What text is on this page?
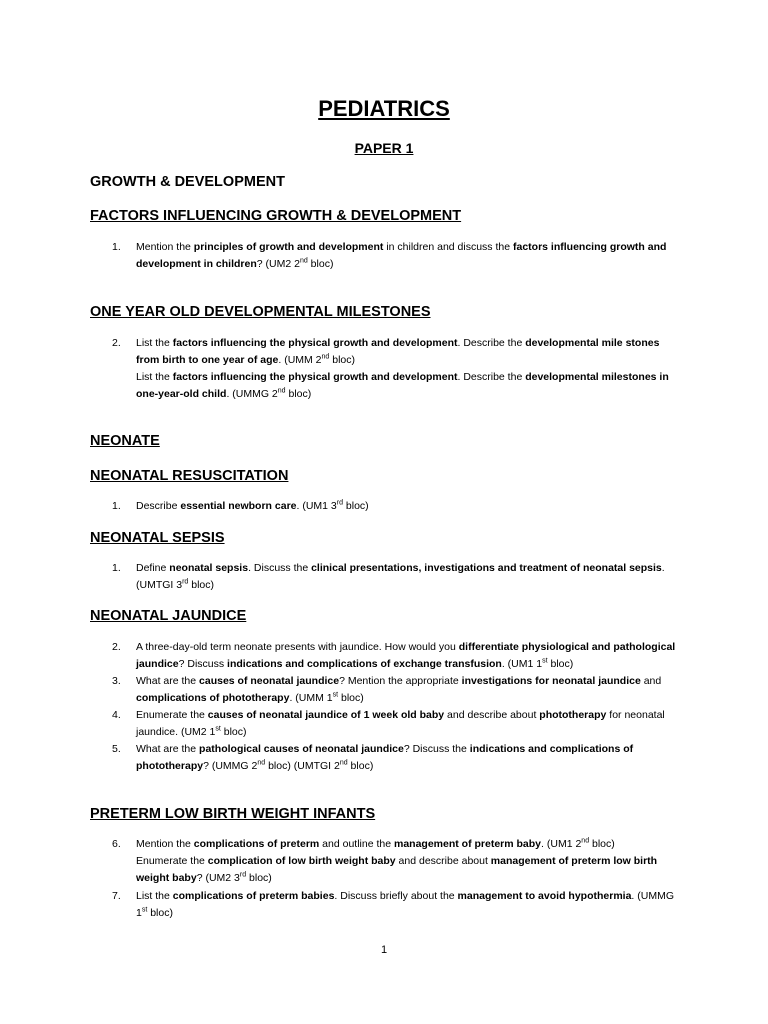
PEDIATRICS
PAPER 1
GROWTH & DEVELOPMENT
FACTORS INFLUENCING GROWTH & DEVELOPMENT
1. Mention the principles of growth and development in children and discuss the factors influencing growth and development in children? (UM2 2nd bloc)
ONE YEAR OLD DEVELOPMENTAL MILESTONES
2. List the factors influencing the physical growth and development. Describe the developmental mile stones from birth to one year of age. (UMM 2nd bloc)
List the factors influencing the physical growth and development. Describe the developmental milestones in one-year-old child. (UMMG 2nd bloc)
NEONATE
NEONATAL RESUSCITATION
1. Describe essential newborn care. (UM1 3rd bloc)
NEONATAL SEPSIS
1. Define neonatal sepsis. Discuss the clinical presentations, investigations and treatment of neonatal sepsis. (UMTGI 3rd bloc)
NEONATAL JAUNDICE
2. A three-day-old term neonate presents with jaundice. How would you differentiate physiological and pathological jaundice? Discuss indications and complications of exchange transfusion. (UM1 1st bloc)
3. What are the causes of neonatal jaundice? Mention the appropriate investigations for neonatal jaundice and complications of phototherapy. (UMM 1st bloc)
4. Enumerate the causes of neonatal jaundice of 1 week old baby and describe about phototherapy for neonatal jaundice. (UM2 1st bloc)
5. What are the pathological causes of neonatal jaundice? Discuss the indications and complications of phototherapy? (UMMG 2nd bloc) (UMTGI 2nd bloc)
PRETERM LOW BIRTH WEIGHT INFANTS
6. Mention the complications of preterm and outline the management of preterm baby. (UM1 2nd bloc)
Enumerate the complication of low birth weight baby and describe about management of preterm low birth weight baby? (UM2 3rd bloc)
7. List the complications of preterm babies. Discuss briefly about the management to avoid hypothermia. (UMMG 1st bloc)
1
